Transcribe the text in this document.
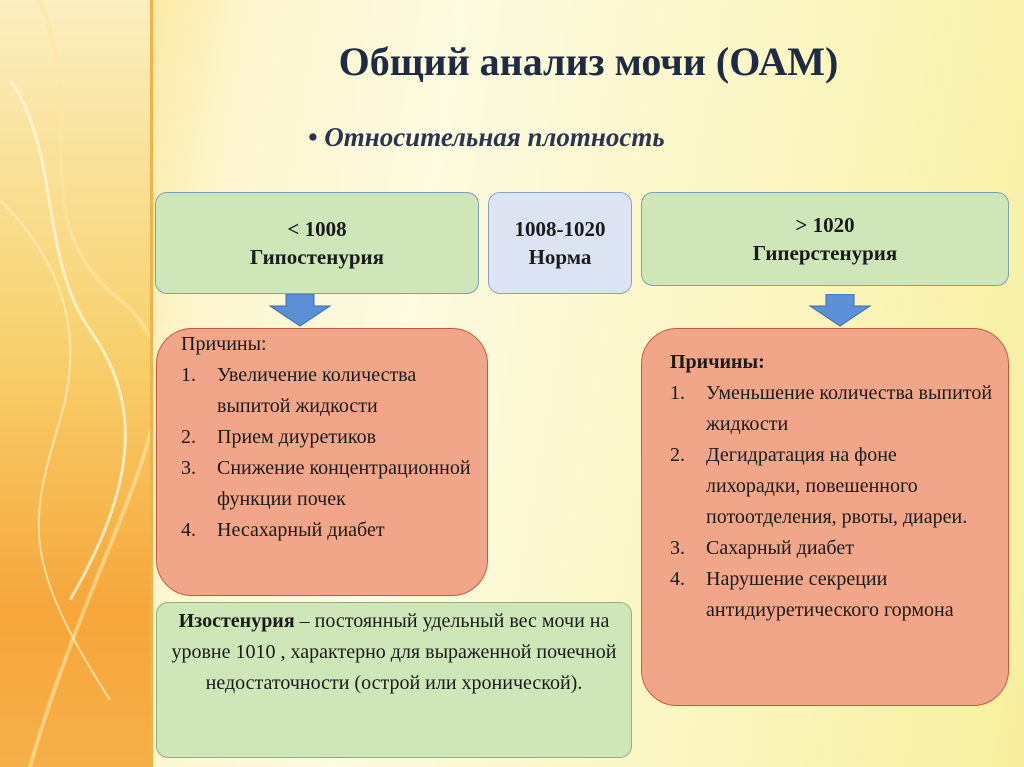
Общий анализ мочи (ОАМ)
• Относительная плотность
< 1008
Гипостенурия
1008-1020
Норма
> 1020
Гиперстенурия
Причины:
1.	Увеличение количества выпитой жидкости
2.	Прием диуретиков
3.	Снижение концентрационной функции почек
4.	Несахарный диабет
Причины:
1.	Уменьшение количества выпитой жидкости
2.	Дегидратация на фоне лихорадки, повешенного потоотделения, рвоты, диареи.
3.	Сахарный диабет
4.	Нарушение секреции антидиуретического гормона
Изостенурия – постоянный удельный вес мочи на уровне 1010 , характерно для выраженной почечной недостаточности (острой или хронической).
